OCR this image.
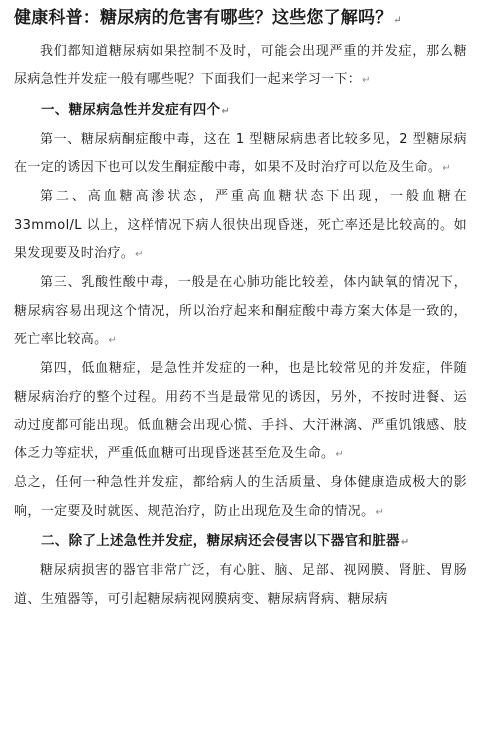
健康科普：糖尿病的危害有哪些？这些您了解吗？↵

我们都知道糖尿病如果控制不及时，可能会出现严重的并发症，那么糖尿病急性并发症一般有哪些呢？下面我们一起来学习一下：↵

一、糖尿病急性并发症有四个↵

第一、糖尿病酮症酸中毒，这在 1 型糖尿病患者比较多见，2 型糖尿病在一定的诱因下也可以发生酮症酸中毒，如果不及时治疗可以危及生命。↵

第二、高血糖高渗状态，严重高血糖状态下出现，一般血糖在 33mmol/L 以上，这样情况下病人很快出现昏迷，死亡率还是比较高的。如果发现要及时治疗。↵

第三、乳酸性酸中毒，一般是在心肺功能比较差，体内缺氧的情况下，糖尿病容易出现这个情况，所以治疗起来和酮症酸中毒方案大体是一致的，死亡率比较高。↵

第四，低血糖症，是急性并发症的一种，也是比较常见的并发症，伴随糖尿病治疗的整个过程。用药不当是最常见的诱因，另外，不按时进餐、运动过度都可能出现。低血糖会出现心慌、手抖、大汗淋漓、严重饥饿感、肢体乏力等症状，严重低血糖可出现昏迷甚至危及生命。↵

总之，任何一种急性并发症，都给病人的生活质量、身体健康造成极大的影响，一定要及时就医、规范治疗，防止出现危及生命的情况。↵

二、除了上述急性并发症，糖尿病还会侵害以下器官和脏器↵

糖尿病损害的器官非常广泛，有心脏、脑、足部、视网膜、肾脏、胃肠道、生殖器等，可引起糖尿病视网膜病变、糖尿病肾病、糖尿病
